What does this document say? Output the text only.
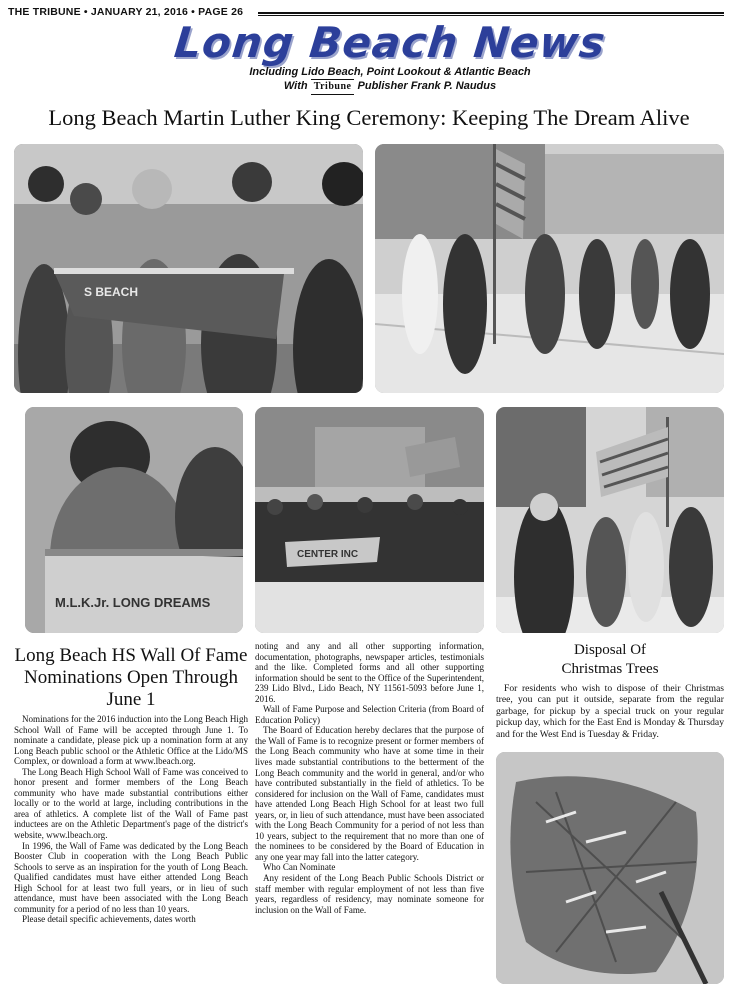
THE TRIBUNE • JANUARY 21, 2016 • PAGE 26
Long Beach News
Including Lido Beach, Point Lookout & Atlantic Beach
With Tribune Publisher Frank P. Naudus
Long Beach Martin Luther King Ceremony: Keeping The Dream Alive
S BEACH
M.L.K.Jr. LONG DREAMS
CENTER INC
Long Beach HS Wall Of Fame Nominations Open Through June 1

Nominations for the 2016 induction into the Long Beach High School Wall of Fame will be accepted through June 1. To nominate a candidate, please pick up a nomination form at any Long Beach public school or the Athletic Office at the Lido/MS Complex, or download a form at www.lbeach.org.

The Long Beach High School Wall of Fame was conceived to honor present and former members of the Long Beach community who have made substantial contributions either locally or to the world at large, including contributions in the area of athletics. A complete list of the Wall of Fame past inductees are on the Athletic Department's page of the district's website, www.lbeach.org.

In 1996, the Wall of Fame was dedicated by the Long Beach Booster Club in cooperation with the Long Beach Public Schools to serve as an inspiration for the youth of Long Beach. Qualified candidates must have either attended Long Beach High School for at least two full years, or in lieu of such attendance, must have been associated with the Long Beach community for a period of no less than 10 years.

Please detail specific achievements, dates worth

noting and any and all other supporting information, documentation, photographs, newspaper articles, testimonials and the like. Completed forms and all other supporting information should be sent to the Office of the Superintendent, 239 Lido Blvd., Lido Beach, NY 11561-5093 before June 1, 2016.

Wall of Fame Purpose and Selection Criteria (from Board of Education Policy)

The Board of Education hereby declares that the purpose of the Wall of Fame is to recognize present or former members of the Long Beach community who have at some time in their lives made substantial contributions to the betterment of the Long Beach community and the world in general, and/or who have contributed substantially in the field of athletics. To be considered for inclusion on the Wall of Fame, candidates must have attended Long Beach High School for at least two full years, or, in lieu of such attendance, must have been associated with the Long Beach Community for a period of not less than 10 years, subject to the requirement that no more than one of the nominees to be considered by the Board of Education in any one year may fall into the latter category.

Who Can Nominate

Any resident of the Long Beach Public Schools District or staff member with regular employment of not less than five years, regardless of residency, may nominate someone for inclusion on the Wall of Fame.

Disposal Of
Christmas Trees

For residents who wish to dispose of their Christmas tree, you can put it outside, separate from the regular garbage, for pickup by a special truck on your regular pickup day, which for the East End is Monday & Thursday and for the West End is Tuesday & Friday.
